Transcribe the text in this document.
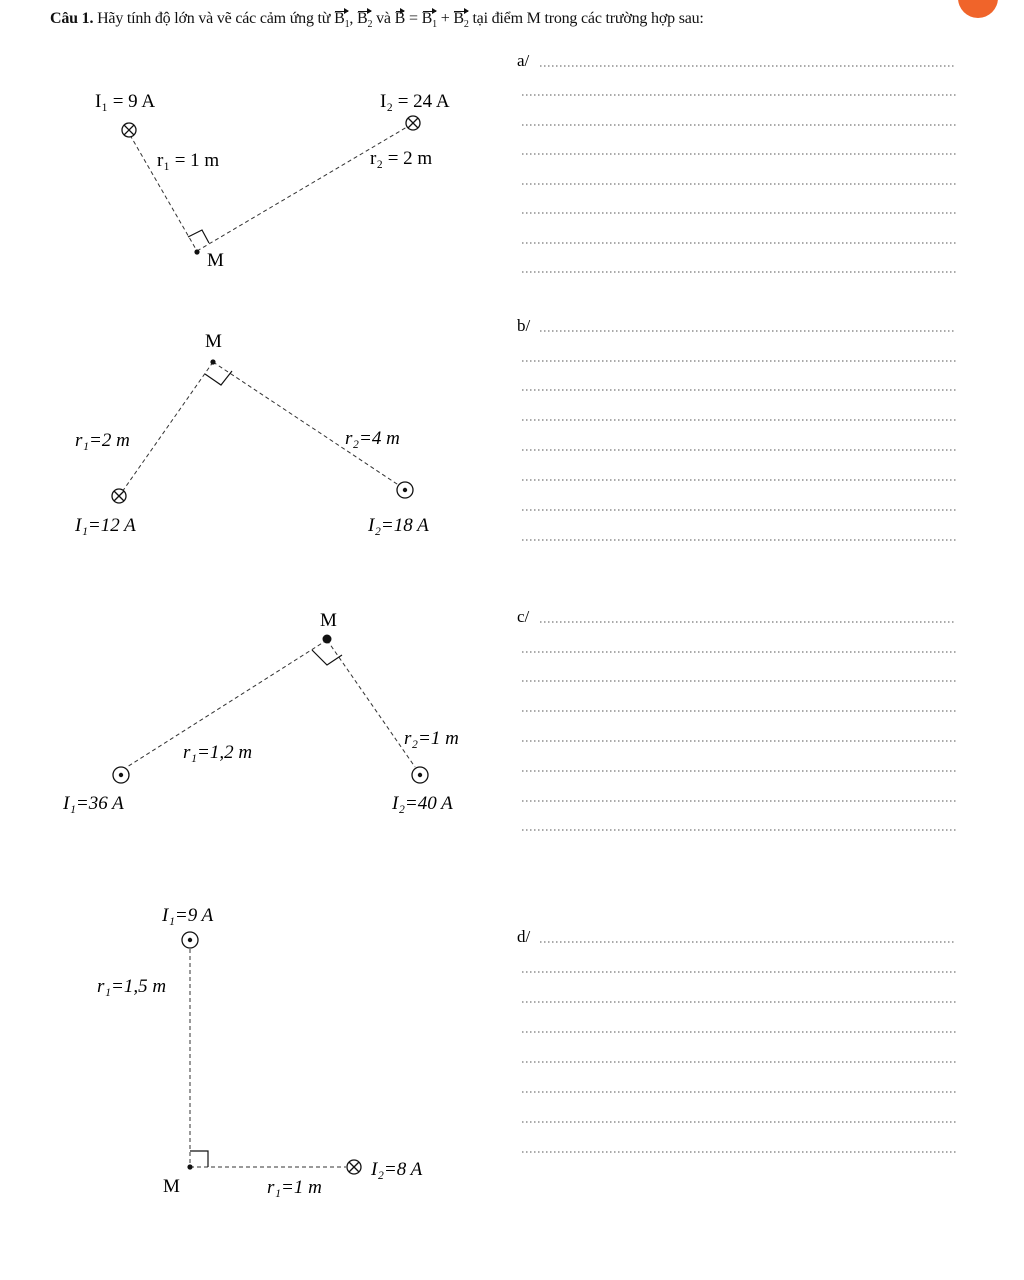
Câu 1. Hãy tính độ lớn và vẽ các cảm ứng từ $B_1$, $B_2$ và $B = B_1 + B_2$ tại điểm M trong các trường hợp sau:
I₁ = 9 A	I₂ = 24 A
r₁ = 1 m	r₂ = 2 m
M
M
r₁=2 m	r₂=4 m
I₁=12 A	I₂=18 A
M
r₁=1,2 m
r₂=1 m
I₁=36 A	I₂=40 A
I₁=9 A
r₁=1,5 m
M	r₁=1 m
I₂=8 A
a/
b/
c/
d/
